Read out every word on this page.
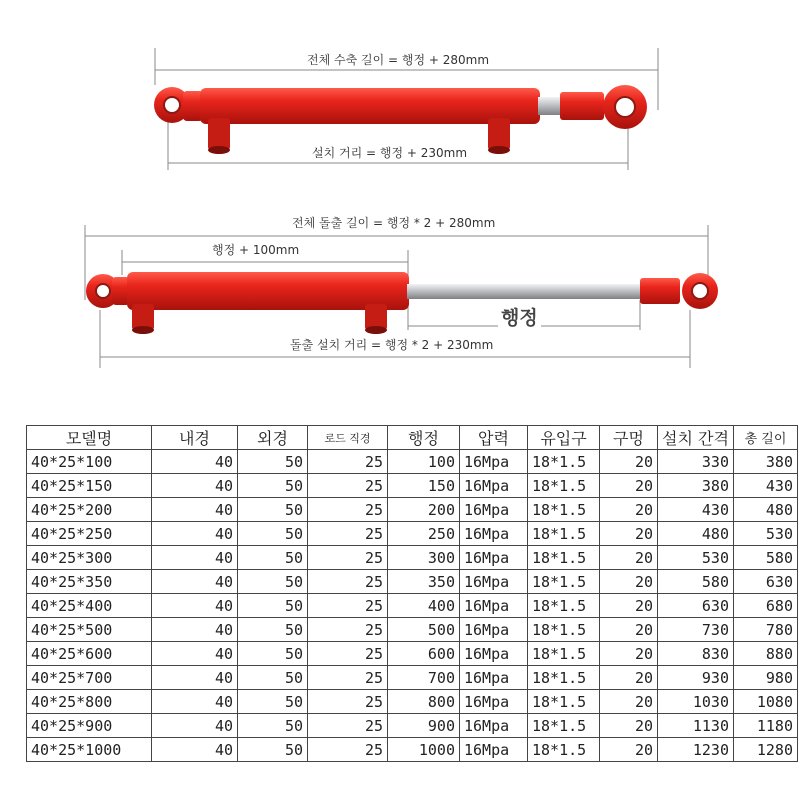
전체 수축 길이 = 행정 + 280mm
설치 거리 = 행정 + 230mm
전체 돌출 길이 = 행정 * 2 + 280mm
행정 + 100mm
행정
돌출 설치 거리 = 행정 * 2 + 230mm
모델명	내경	외경	로드 직경	행정	압력	유입구	구멍	설치 간격	총 길이
40*25*100	40	50	25	100	16Mpa	18*1.5	20	330	380
40*25*150	40	50	25	150	16Mpa	18*1.5	20	380	430
40*25*200	40	50	25	200	16Mpa	18*1.5	20	430	480
40*25*250	40	50	25	250	16Mpa	18*1.5	20	480	530
40*25*300	40	50	25	300	16Mpa	18*1.5	20	530	580
40*25*350	40	50	25	350	16Mpa	18*1.5	20	580	630
40*25*400	40	50	25	400	16Mpa	18*1.5	20	630	680
40*25*500	40	50	25	500	16Mpa	18*1.5	20	730	780
40*25*600	40	50	25	600	16Mpa	18*1.5	20	830	880
40*25*700	40	50	25	700	16Mpa	18*1.5	20	930	980
40*25*800	40	50	25	800	16Mpa	18*1.5	20	1030	1080
40*25*900	40	50	25	900	16Mpa	18*1.5	20	1130	1180
40*25*1000	40	50	25	1000	16Mpa	18*1.5	20	1230	1280
